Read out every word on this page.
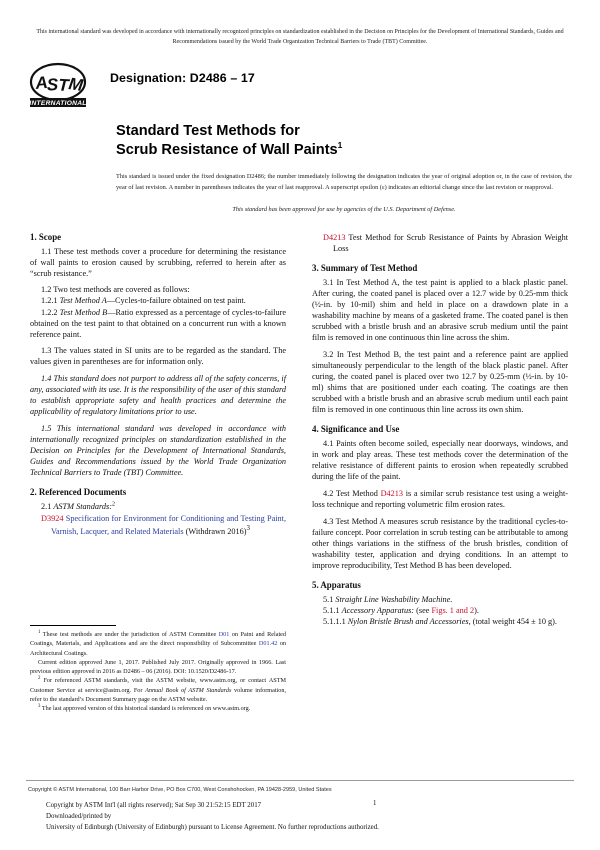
This international standard was developed in accordance with internationally recognized principles on standardization established in the Decision on Principles for the Development of International Standards, Guides and Recommendations issued by the World Trade Organization Technical Barriers to Trade (TBT) Committee.
A
S T
M
INTERNATIONAL
Designation: D2486 – 17
Standard Test Methods for
Scrub Resistance of Wall Paints$^1$
This standard is issued under the fixed designation D2486; the number immediately following the designation indicates the year of original adoption or, in the case of revision, the year of last revision. A number in parentheses indicates the year of last reapproval. A superscript epsilon (ε) indicates an editorial change since the last revision or reapproval.
This standard has been approved for use by agencies of the U.S. Department of Defense.
1. Scope

1.1 These test methods cover a procedure for determining the resistance of wall paints to erosion caused by scrubbing, referred to herein after as “scrub resistance.”

1.2 Two test methods are covered as follows:

1.2.1 Test Method A—Cycles-to-failure obtained on test paint.

1.2.2 Test Method B—Ratio expressed as a percentage of cycles-to-failure obtained on the test paint to that obtained on a concurrent run with a known reference paint.

1.3 The values stated in SI units are to be regarded as the standard. The values given in parentheses are for information only.

1.4 This standard does not purport to address all of the safety concerns, if any, associated with its use. It is the responsibility of the user of this standard to establish appropriate safety and health practices and determine the applicability of regulatory limitations prior to use.

1.5 This international standard was developed in accordance with internationally recognized principles on standardization established in the Decision on Principles for the Development of International Standards, Guides and Recommendations issued by the World Trade Organization Technical Barriers to Trade (TBT) Committee.

2. Referenced Documents

2.1 ASTM Standards:$^2$

D3924 Specification for Environment for Conditioning and Testing Paint, Varnish, Lacquer, and Related Materials (Withdrawn 2016)$^3$
D4213 Test Method for Scrub Resistance of Paints by Abrasion Weight Loss
3. Summary of Test Method

3.1 In Test Method A, the test paint is applied to a black plastic panel. After curing, the coated panel is placed over a 12.7 wide by 0.25-mm thick (½-in. by 10-mil) shim and held in place on a drawdown plate in a washability machine by means of a gasketed frame. The coated panel is then scrubbed with a bristle brush and an abrasive scrub medium until the paint film is removed in one continuous thin line across the shim.

3.2 In Test Method B, the test paint and a reference paint are applied simultaneously perpendicular to the length of the black plastic panel. After curing, the coated panel is placed over two 12.7 by 0.25-mm (½-in. by 10-ml) shims that are positioned under each coating. The coatings are then scrubbed with a bristle brush and an abrasive scrub medium until each paint film is removed in one continuous thin line across its own shim.

4. Significance and Use

4.1 Paints often become soiled, especially near doorways, windows, and in work and play areas. These test methods cover the determination of the relative resistance of different paints to erosion when repeatedly scrubbed during the life of the paint.

4.2 Test Method D4213 is a similar scrub resistance test using a weight-loss technique and reporting volumetric film erosion rates.

4.3 Test Method A measures scrub resistance by the traditional cycles-to-failure concept. Poor correlation in scrub testing can be attributable to among other things variations in the stiffness of the brush bristles, condition of washability tester, application and drying conditions. In an attempt to improve reproducibility, Test Method B has been developed.

5. Apparatus

5.1 Straight Line Washability Machine.

5.1.1 Accessory Apparatus: (see Figs. 1 and 2).

5.1.1.1 Nylon Bristle Brush and Accessories, (total weight 454 ± 10 g).

$^1$ These test methods are under the jurisdiction of ASTM Committee D01 on Paint and Related Coatings, Materials, and Applications and are the direct responsibility of Subcommittee D01.42 on Architectural Coatings.

Current edition approved June 1, 2017. Published July 2017. Originally approved in 1966. Last previous edition approved in 2016 as D2486 – 06 (2016). DOI: 10.1520/D2486-17.

$^2$ For referenced ASTM standards, visit the ASTM website, www.astm.org, or contact ASTM Customer Service at service@astm.org. For Annual Book of ASTM Standards volume information, refer to the standard’s Document Summary page on the ASTM website.

$^3$ The last approved version of this historical standard is referenced on www.astm.org.

Copyright © ASTM International, 100 Barr Harbor Drive, PO Box C700, West Conshohocken, PA 19428-2959, United States
Copyright by ASTM Int'l (all rights reserved); Sat Sep 30 21:52:15 EDT 2017
Downloaded/printed by
University of Edinburgh (University of Edinburgh) pursuant to License Agreement. No further reproductions authorized.
1
